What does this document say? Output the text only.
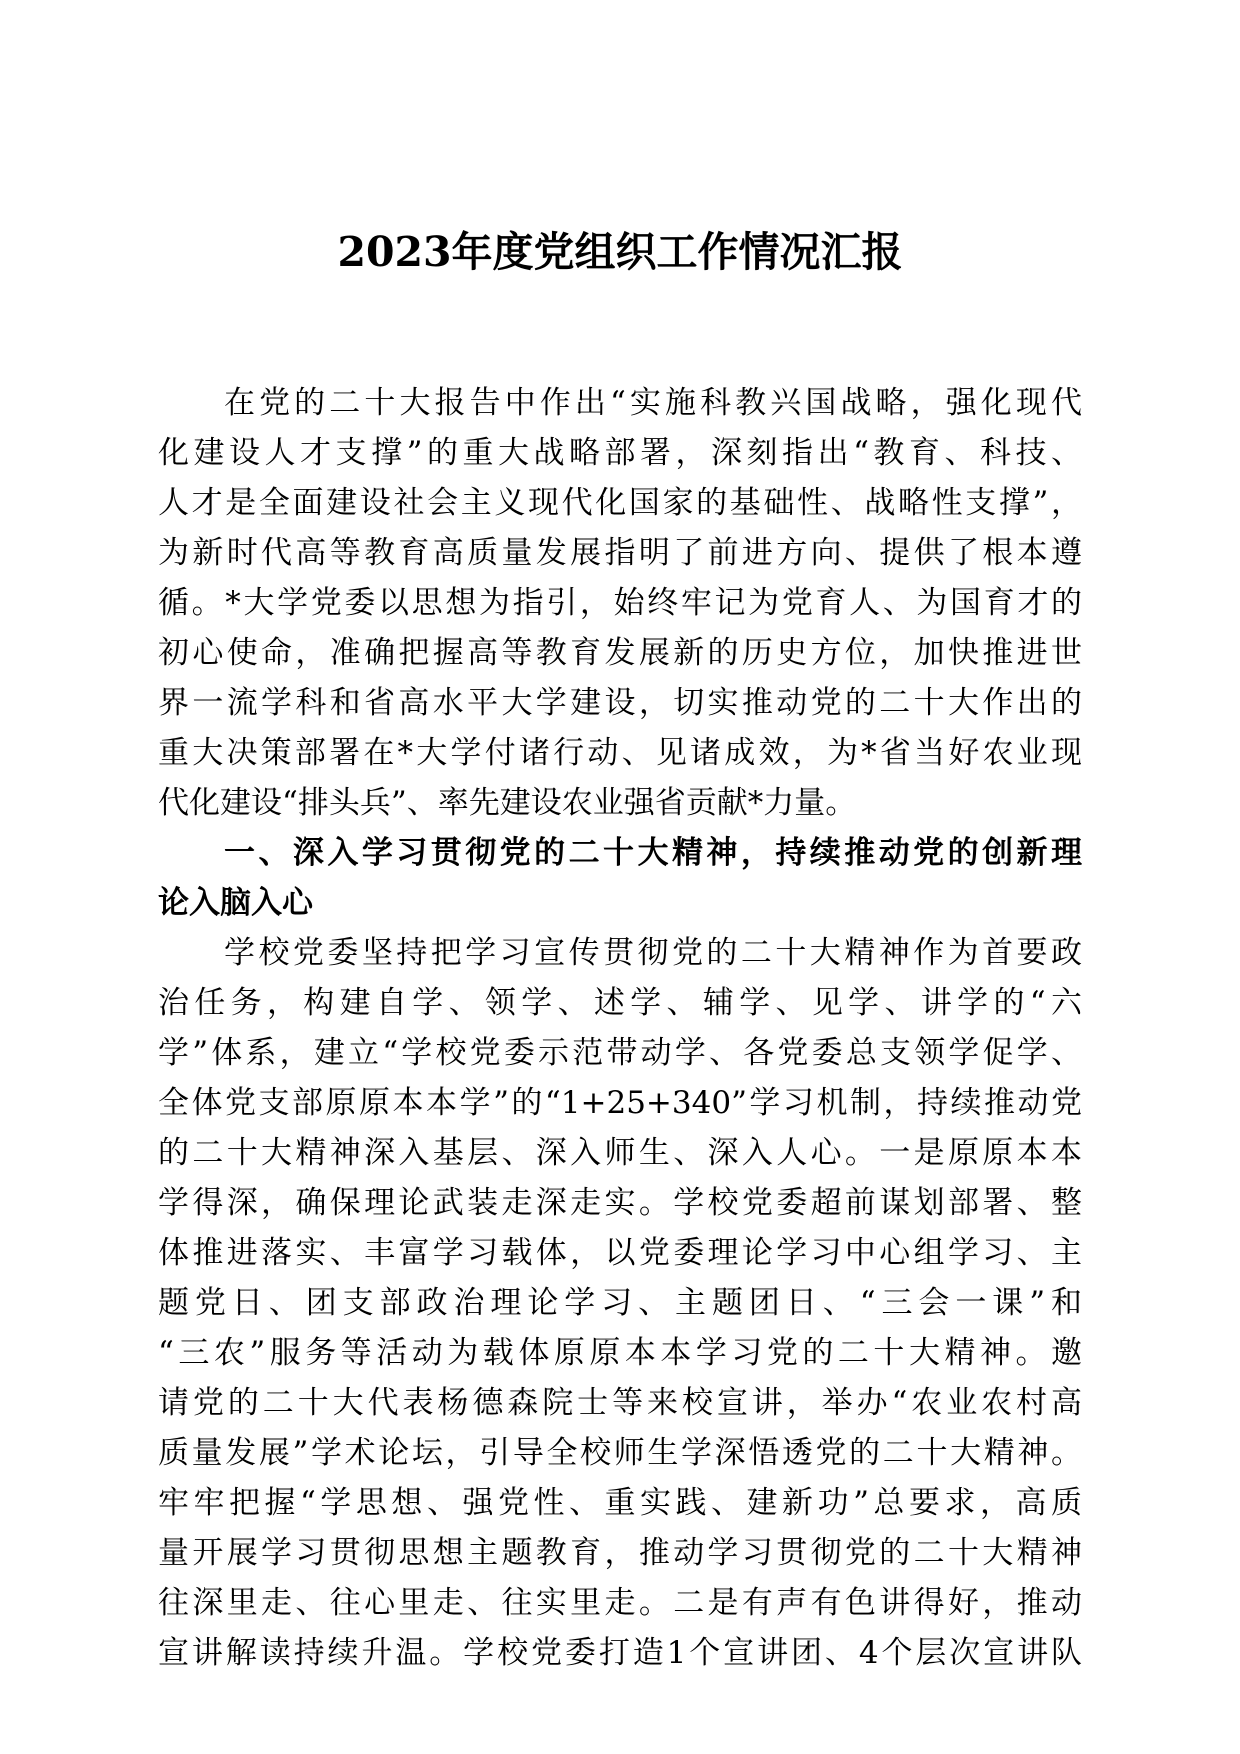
2023年度党组织工作情况汇报
在党的二十大报告中作出“实施科教兴国战略，强化现代
化建设人才支撑”的重大战略部署，深刻指出“教育、科技、
人才是全面建设社会主义现代化国家的基础性、战略性支撑”，
为新时代高等教育高质量发展指明了前进方向、提供了根本遵
循。*大学党委以思想为指引，始终牢记为党育人、为国育才的
初心使命，准确把握高等教育发展新的历史方位，加快推进世
界一流学科和省高水平大学建设，切实推动党的二十大作出的
重大决策部署在*大学付诸行动、见诸成效，为*省当好农业现
代化建设“排头兵”、率先建设农业强省贡献*力量。
一、深入学习贯彻党的二十大精神，持续推动党的创新理
论入脑入心
学校党委坚持把学习宣传贯彻党的二十大精神作为首要政
治任务，构建自学、领学、述学、辅学、见学、讲学的“六
学”体系，建立“学校党委示范带动学、各党委总支领学促学、
全体党支部原原本本学”的“1+25+340”学习机制，持续推动党
的二十大精神深入基层、深入师生、深入人心。一是原原本本
学得深，确保理论武装走深走实。学校党委超前谋划部署、整
体推进落实、丰富学习载体，以党委理论学习中心组学习、主
题党日、团支部政治理论学习、主题团日、“三会一课”和
“三农”服务等活动为载体原原本本学习党的二十大精神。邀
请党的二十大代表杨德森院士等来校宣讲，举办“农业农村高
质量发展”学术论坛，引导全校师生学深悟透党的二十大精神。
牢牢把握“学思想、强党性、重实践、建新功”总要求，高质
量开展学习贯彻思想主题教育，推动学习贯彻党的二十大精神
往深里走、往心里走、往实里走。二是有声有色讲得好，推动
宣讲解读持续升温。学校党委打造1个宣讲团、4个层次宣讲队
